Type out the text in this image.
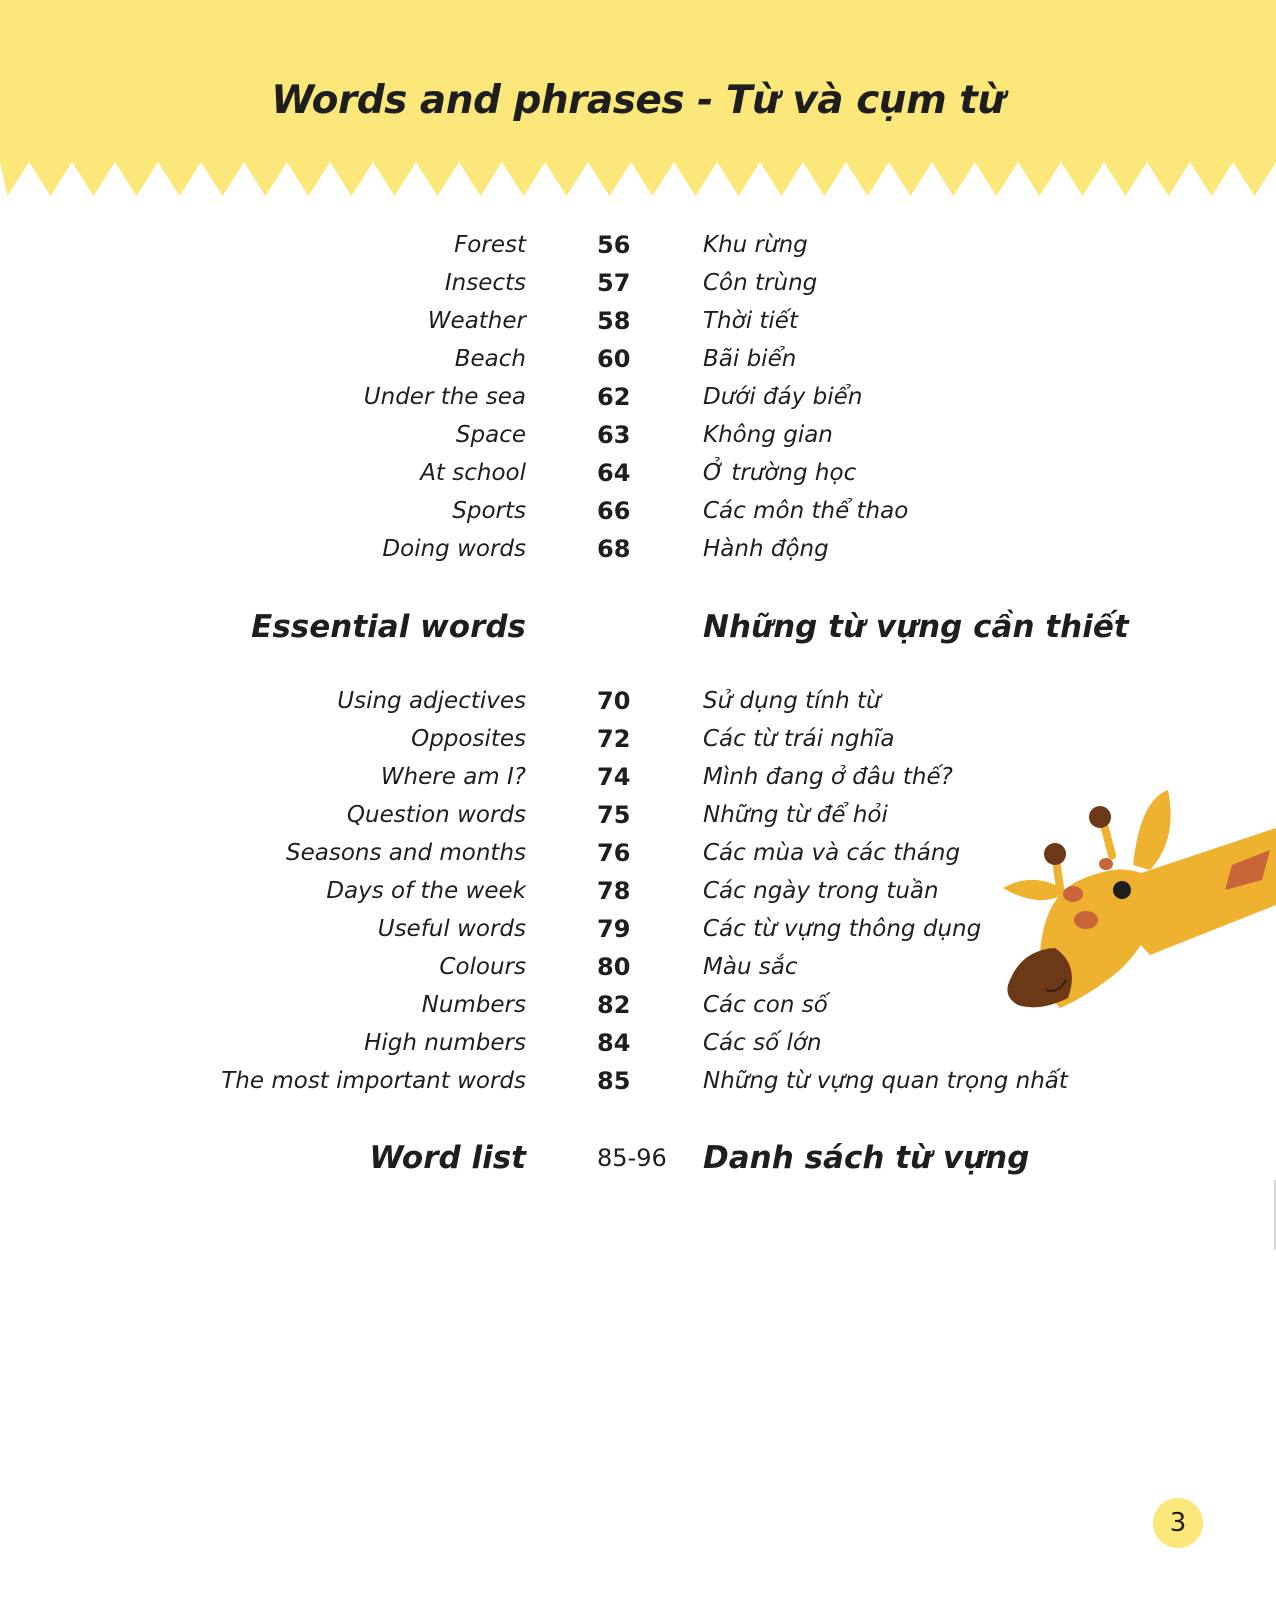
Words and phrases - Từ và cụm từ
Forest	56	Khu rừng
Insects	57	Côn trùng
Weather	58	Thời tiết
Beach	60	Bãi biển
Under the sea	62	Dưới đáy biển
Space	63	Không gian
At school	64	Ở trường học
Sports	66	Các môn thể thao
Doing words	68	Hành động
Essential words	Những từ vựng cần thiết
Using adjectives	70	Sử dụng tính từ
Opposites	72	Các từ trái nghĩa
Where am I?	74	Mình đang ở đâu thế?
Question words	75	Những từ để hỏi
Seasons and months	76	Các mùa và các tháng
Days of the week	78	Các ngày trong tuần
Useful words	79	Các từ vựng thông dụng
Colours	80	Màu sắc
Numbers	82	Các con số
High numbers	84	Các số lớn
The most important words	85	Những từ vựng quan trọng nhất
Word list	85-96 Danh sách từ vựng
3
